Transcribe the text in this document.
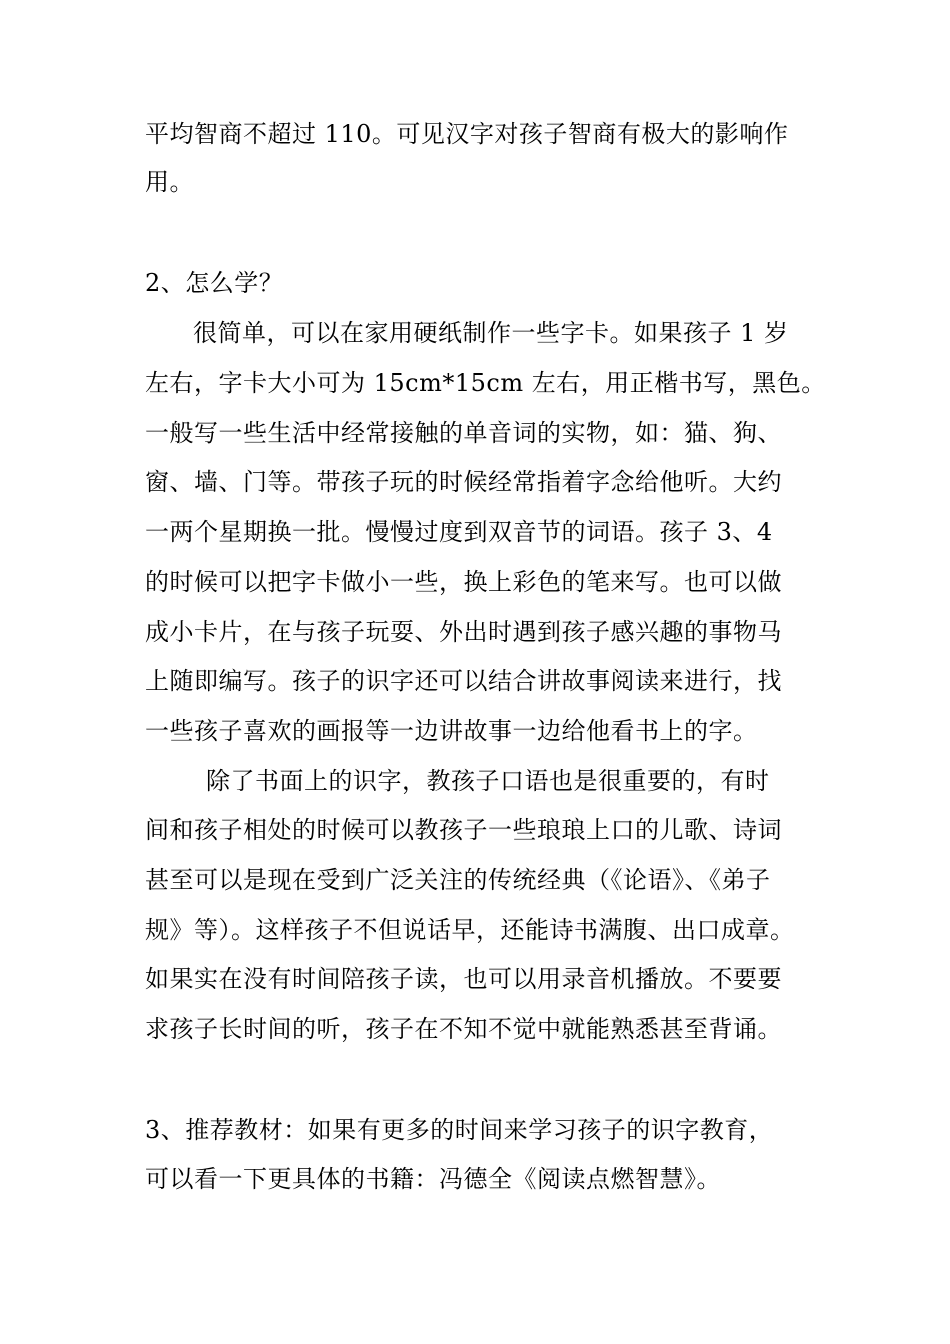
平均智商不超过 110。可见汉字对孩子智商有极大的影响作
用。
2、怎么学？
很简单，可以在家用硬纸制作一些字卡。如果孩子 1 岁
左右，字卡大小可为 15cm*15cm 左右，用正楷书写，黑色。
一般写一些生活中经常接触的单音词的实物，如：猫、狗、
窗、墙、门等。带孩子玩的时候经常指着字念给他听。大约
一两个星期换一批。慢慢过度到双音节的词语。孩子 3、4
的时候可以把字卡做小一些，换上彩色的笔来写。也可以做
成小卡片，在与孩子玩耍、外出时遇到孩子感兴趣的事物马
上随即编写。孩子的识字还可以结合讲故事阅读来进行，找
一些孩子喜欢的画报等一边讲故事一边给他看书上的字。
除了书面上的识字，教孩子口语也是很重要的，有时
间和孩子相处的时候可以教孩子一些琅琅上口的儿歌、诗词
甚至可以是现在受到广泛关注的传统经典（《论语》、《弟子
规》等）。这样孩子不但说话早，还能诗书满腹、出口成章。
如果实在没有时间陪孩子读，也可以用录音机播放。不要要
求孩子长时间的听，孩子在不知不觉中就能熟悉甚至背诵。
3、推荐教材：如果有更多的时间来学习孩子的识字教育，
可以看一下更具体的书籍：冯德全《阅读点燃智慧》。
